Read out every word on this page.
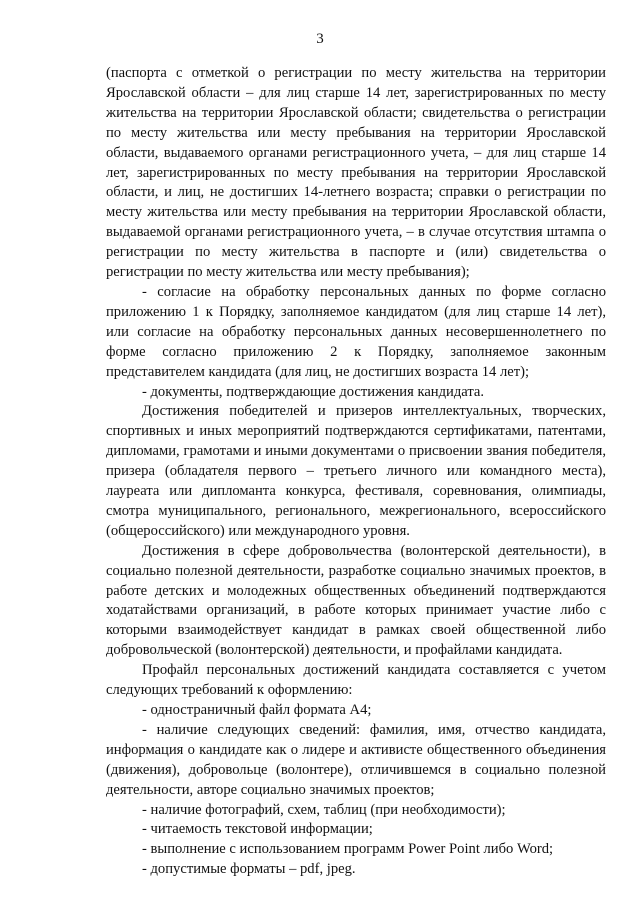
3

(паспорта с отметкой о регистрации по месту жительства на территории Ярославской области – для лиц старше 14 лет, зарегистрированных по месту жительства на территории Ярославской области; свидетельства о регистрации по месту жительства или месту пребывания на территории Ярославской области, выдаваемого органами регистрационного учета, – для лиц старше 14 лет, зарегистрированных по месту пребывания на территории Ярославской области, и лиц, не достигших 14-летнего возраста; справки о регистрации по месту жительства или месту пребывания на территории Ярославской области, выдаваемой органами регистрационного учета, – в случае отсутствия штампа о регистрации по месту жительства в паспорте и (или) свидетельства о регистрации по месту жительства или месту пребывания);

- согласие на обработку персональных данных по форме согласно приложению 1 к Порядку, заполняемое кандидатом (для лиц старше 14 лет), или согласие на обработку персональных данных несовершеннолетнего по форме согласно приложению 2 к Порядку, заполняемое законным представителем кандидата (для лиц, не достигших возраста 14 лет);

- документы, подтверждающие достижения кандидата.

Достижения победителей и призеров интеллектуальных, творческих, спортивных и иных мероприятий подтверждаются сертификатами, патентами, дипломами, грамотами и иными документами о присвоении звания победителя, призера (обладателя первого – третьего личного или командного места), лауреата или дипломанта конкурса, фестиваля, соревнования, олимпиады, смотра муниципального, регионального, межрегионального, всероссийского (общероссийского) или международного уровня.

Достижения в сфере добровольчества (волонтерской деятельности), в социально полезной деятельности, разработке социально значимых проектов, в работе детских и молодежных общественных объединений подтверждаются ходатайствами организаций, в работе которых принимает участие либо с которыми взаимодействует кандидат в рамках своей общественной либо добровольческой (волонтерской) деятельности, и профайлами кандидата.

Профайл персональных достижений кандидата составляется с учетом следующих требований к оформлению:

- одностраничный файл формата А4;

- наличие следующих сведений: фамилия, имя, отчество кандидата, информация о кандидате как о лидере и активисте общественного объединения (движения), добровольце (волонтере), отличившемся в социально полезной деятельности, авторе социально значимых проектов;

- наличие фотографий, схем, таблиц (при необходимости);

- читаемость текстовой информации;

- выполнение с использованием программ Power Point либо Word;

- допустимые форматы – pdf, jpeg.
